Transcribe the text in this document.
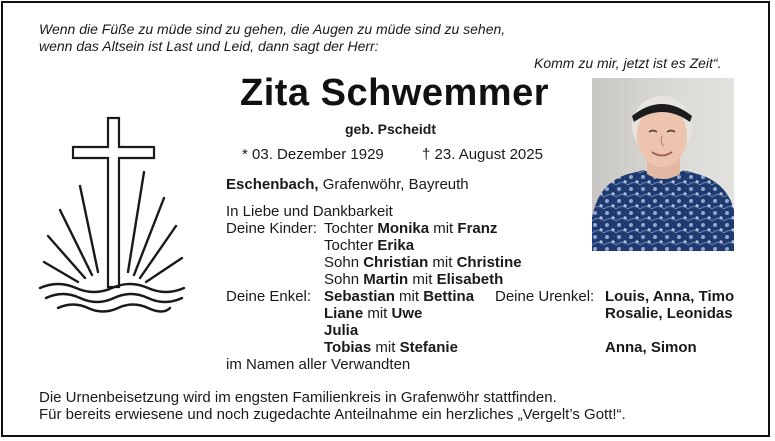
Wenn die Füße zu müde sind zu gehen, die Augen zu müde sind zu sehen,
wenn das Altsein ist Last und Leid, dann sagt der Herr:
Komm zu mir, jetzt ist es Zeit“.
Zita Schwemmer
geb. Pscheidt
* 03. Dezember 1929	† 23. August 2025
Eschenbach, Grafenwöhr, Bayreuth
In Liebe und Dankbarkeit
Deine Kinder: Tochter Monika mit Franz
Tochter Erika
Sohn Christian mit Christine
Sohn Martin mit Elisabeth
Deine Enkel: Sebastian mit Bettina
Liane mit Uwe
Julia
Tobias mit Stefanie
Deine Urenkel: Louis, Anna, Timo
Rosalie, Leonidas
Anna, Simon
im Namen aller Verwandten
Die Urnenbeisetzung wird im engsten Familienkreis in Grafenwöhr stattfinden.
Für bereits erwiesene und noch zugedachte Anteilnahme ein herzliches „Vergelt’s Gott!“.
